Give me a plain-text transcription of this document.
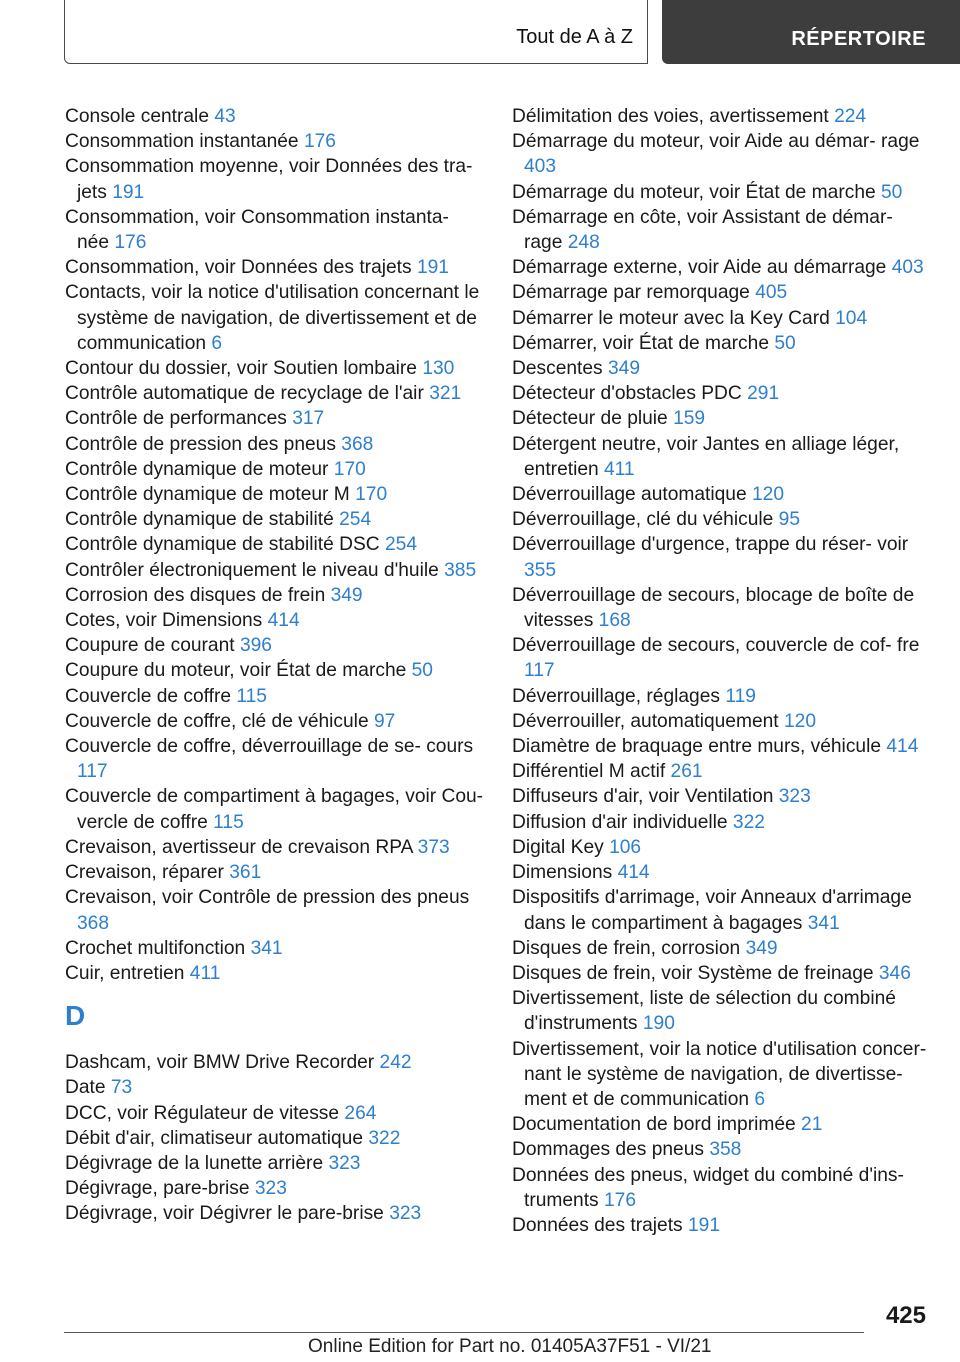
Tout de A à Z	RÉPERTOIRE

Console centrale 43

Consommation instantanée 176

Consommation moyenne, voir Données des tra‐ jets 191

Consommation, voir Consommation instanta‐ née 176

Consommation, voir Données des trajets 191

Contacts, voir la notice d'utilisation concernant le système de navigation, de divertissement et de communication 6

Contour du dossier, voir Soutien lombaire 130

Contrôle automatique de recyclage de l'air 321

Contrôle de performances 317

Contrôle de pression des pneus 368

Contrôle dynamique de moteur 170

Contrôle dynamique de moteur M 170

Contrôle dynamique de stabilité 254

Contrôle dynamique de stabilité DSC 254

Contrôler électroniquement le niveau d'huile 385

Corrosion des disques de frein 349

Cotes, voir Dimensions 414

Coupure de courant 396

Coupure du moteur, voir État de marche 50

Couvercle de coffre 115

Couvercle de coffre, clé de véhicule 97

Couvercle de coffre, déverrouillage de se‐ cours 117

Couvercle de compartiment à bagages, voir Cou‐ vercle de coffre 115

Crevaison, avertisseur de crevaison RPA 373

Crevaison, réparer 361

Crevaison, voir Contrôle de pression des pneus 368

Crochet multifonction 341

Cuir, entretien 411

D

Dashcam, voir BMW Drive Recorder 242

Date 73

DCC, voir Régulateur de vitesse 264

Débit d'air, climatiseur automatique 322

Dégivrage de la lunette arrière 323

Dégivrage, pare-brise 323

Dégivrage, voir Dégivrer le pare-brise 323

Délimitation des voies, avertissement 224

Démarrage du moteur, voir Aide au démar‐ rage 403

Démarrage du moteur, voir État de marche 50

Démarrage en côte, voir Assistant de démar‐ rage 248

Démarrage externe, voir Aide au démarrage 403

Démarrage par remorquage 405

Démarrer le moteur avec la Key Card 104

Démarrer, voir État de marche 50

Descentes 349

Détecteur d'obstacles PDC 291

Détecteur de pluie 159

Détergent neutre, voir Jantes en alliage léger, entretien 411

Déverrouillage automatique 120

Déverrouillage, clé du véhicule 95

Déverrouillage d'urgence, trappe du réser‐ voir 355

Déverrouillage de secours, blocage de boîte de vitesses 168

Déverrouillage de secours, couvercle de cof‐ fre 117

Déverrouillage, réglages 119

Déverrouiller, automatiquement 120

Diamètre de braquage entre murs, véhicule 414

Différentiel M actif 261

Diffuseurs d'air, voir Ventilation 323

Diffusion d'air individuelle 322

Digital Key 106

Dimensions 414

Dispositifs d'arrimage, voir Anneaux d'arrimage dans le compartiment à bagages 341

Disques de frein, corrosion 349

Disques de frein, voir Système de freinage 346

Divertissement, liste de sélection du combiné d'instruments 190

Divertissement, voir la notice d'utilisation concer‐ nant le système de navigation, de divertisse‐ ment et de communication 6

Documentation de bord imprimée 21

Dommages des pneus 358

Données des pneus, widget du combiné d'ins‐ truments 176

Données des trajets 191

425
Online Edition for Part no. 01405A37F51 - VI/21
